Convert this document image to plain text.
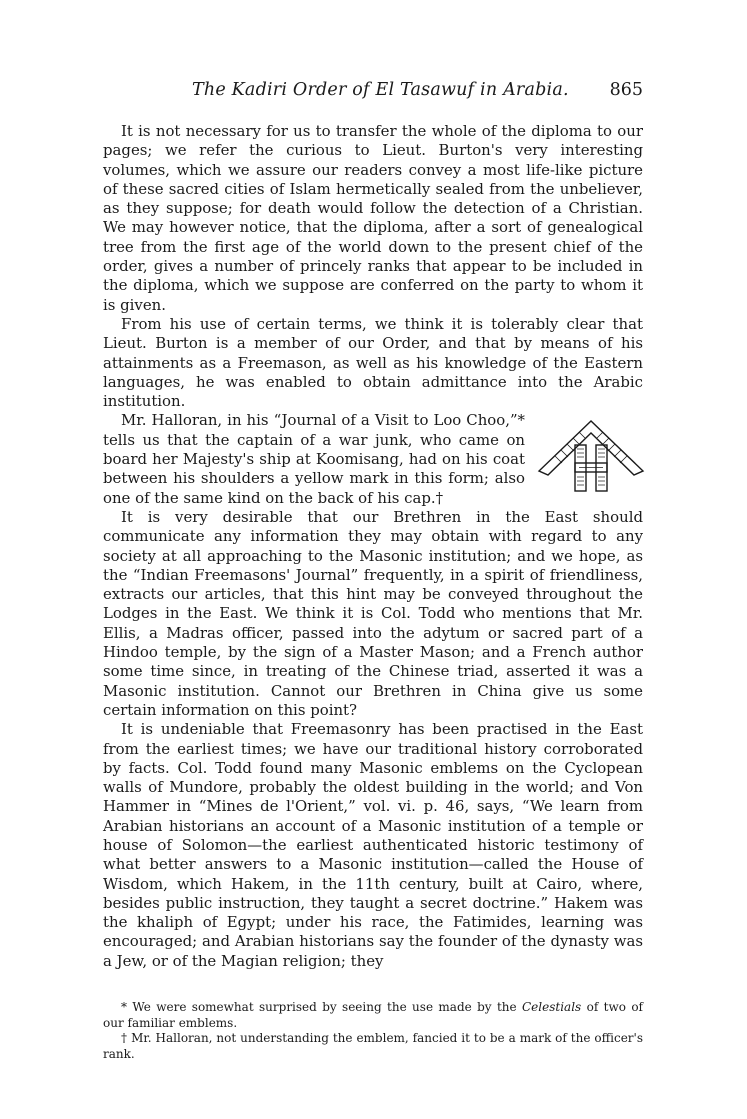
The Kadiri Order of El Tasawuf in Arabia. 865

It is not necessary for us to transfer the whole of the diploma to our pages; we refer the curious to Lieut. Burton's very interesting volumes, which we assure our readers convey a most life-like picture of these sacred cities of Islam hermetically sealed from the unbeliever, as they suppose; for death would follow the detection of a Christian. We may however notice, that the diploma, after a sort of genealogical tree from the first age of the world down to the present chief of the order, gives a number of princely ranks that appear to be included in the diploma, which we suppose are conferred on the party to whom it is given.

From his use of certain terms, we think it is tolerably clear that Lieut. Burton is a member of our Order, and that by means of his attainments as a Freemason, as well as his knowledge of the Eastern languages, he was enabled to obtain admittance into the Arabic institution.

Mr. Halloran, in his “Journal of a Visit to Loo Choo,”* tells us that the captain of a war junk, who came on board her Majesty's ship at Koomisang, had on his coat between his shoulders a yellow mark in this form; also one of the same kind on the back of his cap.†

It is very desirable that our Brethren in the East should communicate any information they may obtain with regard to any society at all approaching to the Masonic institution; and we hope, as the “Indian Freemasons' Journal” frequently, in a spirit of friendliness, extracts our articles, that this hint may be conveyed throughout the Lodges in the East. We think it is Col. Todd who mentions that Mr. Ellis, a Madras officer, passed into the adytum or sacred part of a Hindoo temple, by the sign of a Master Mason; and a French author some time since, in treating of the Chinese triad, asserted it was a Masonic institution. Cannot our Brethren in China give us some certain information on this point?

It is undeniable that Freemasonry has been practised in the East from the earliest times; we have our traditional history corroborated by facts. Col. Todd found many Masonic emblems on the Cyclopean walls of Mundore, probably the oldest building in the world; and Von Hammer in “Mines de l'Orient,” vol. vi. p. 46, says, “We learn from Arabian historians an account of a Masonic institution of a temple or house of Solomon—the earliest authenticated historic testimony of what better answers to a Masonic institution—called the House of Wisdom, which Hakem, in the 11th century, built at Cairo, where, besides public instruction, they taught a secret doctrine.” Hakem was the khaliph of Egypt; under his race, the Fatimides, learning was encouraged; and Arabian historians say the founder of the dynasty was a Jew, or of the Magian religion; they

* We were somewhat surprised by seeing the use made by the Celestials of two of our familiar emblems.

† Mr. Halloran, not understanding the emblem, fancied it to be a mark of the officer's rank.
